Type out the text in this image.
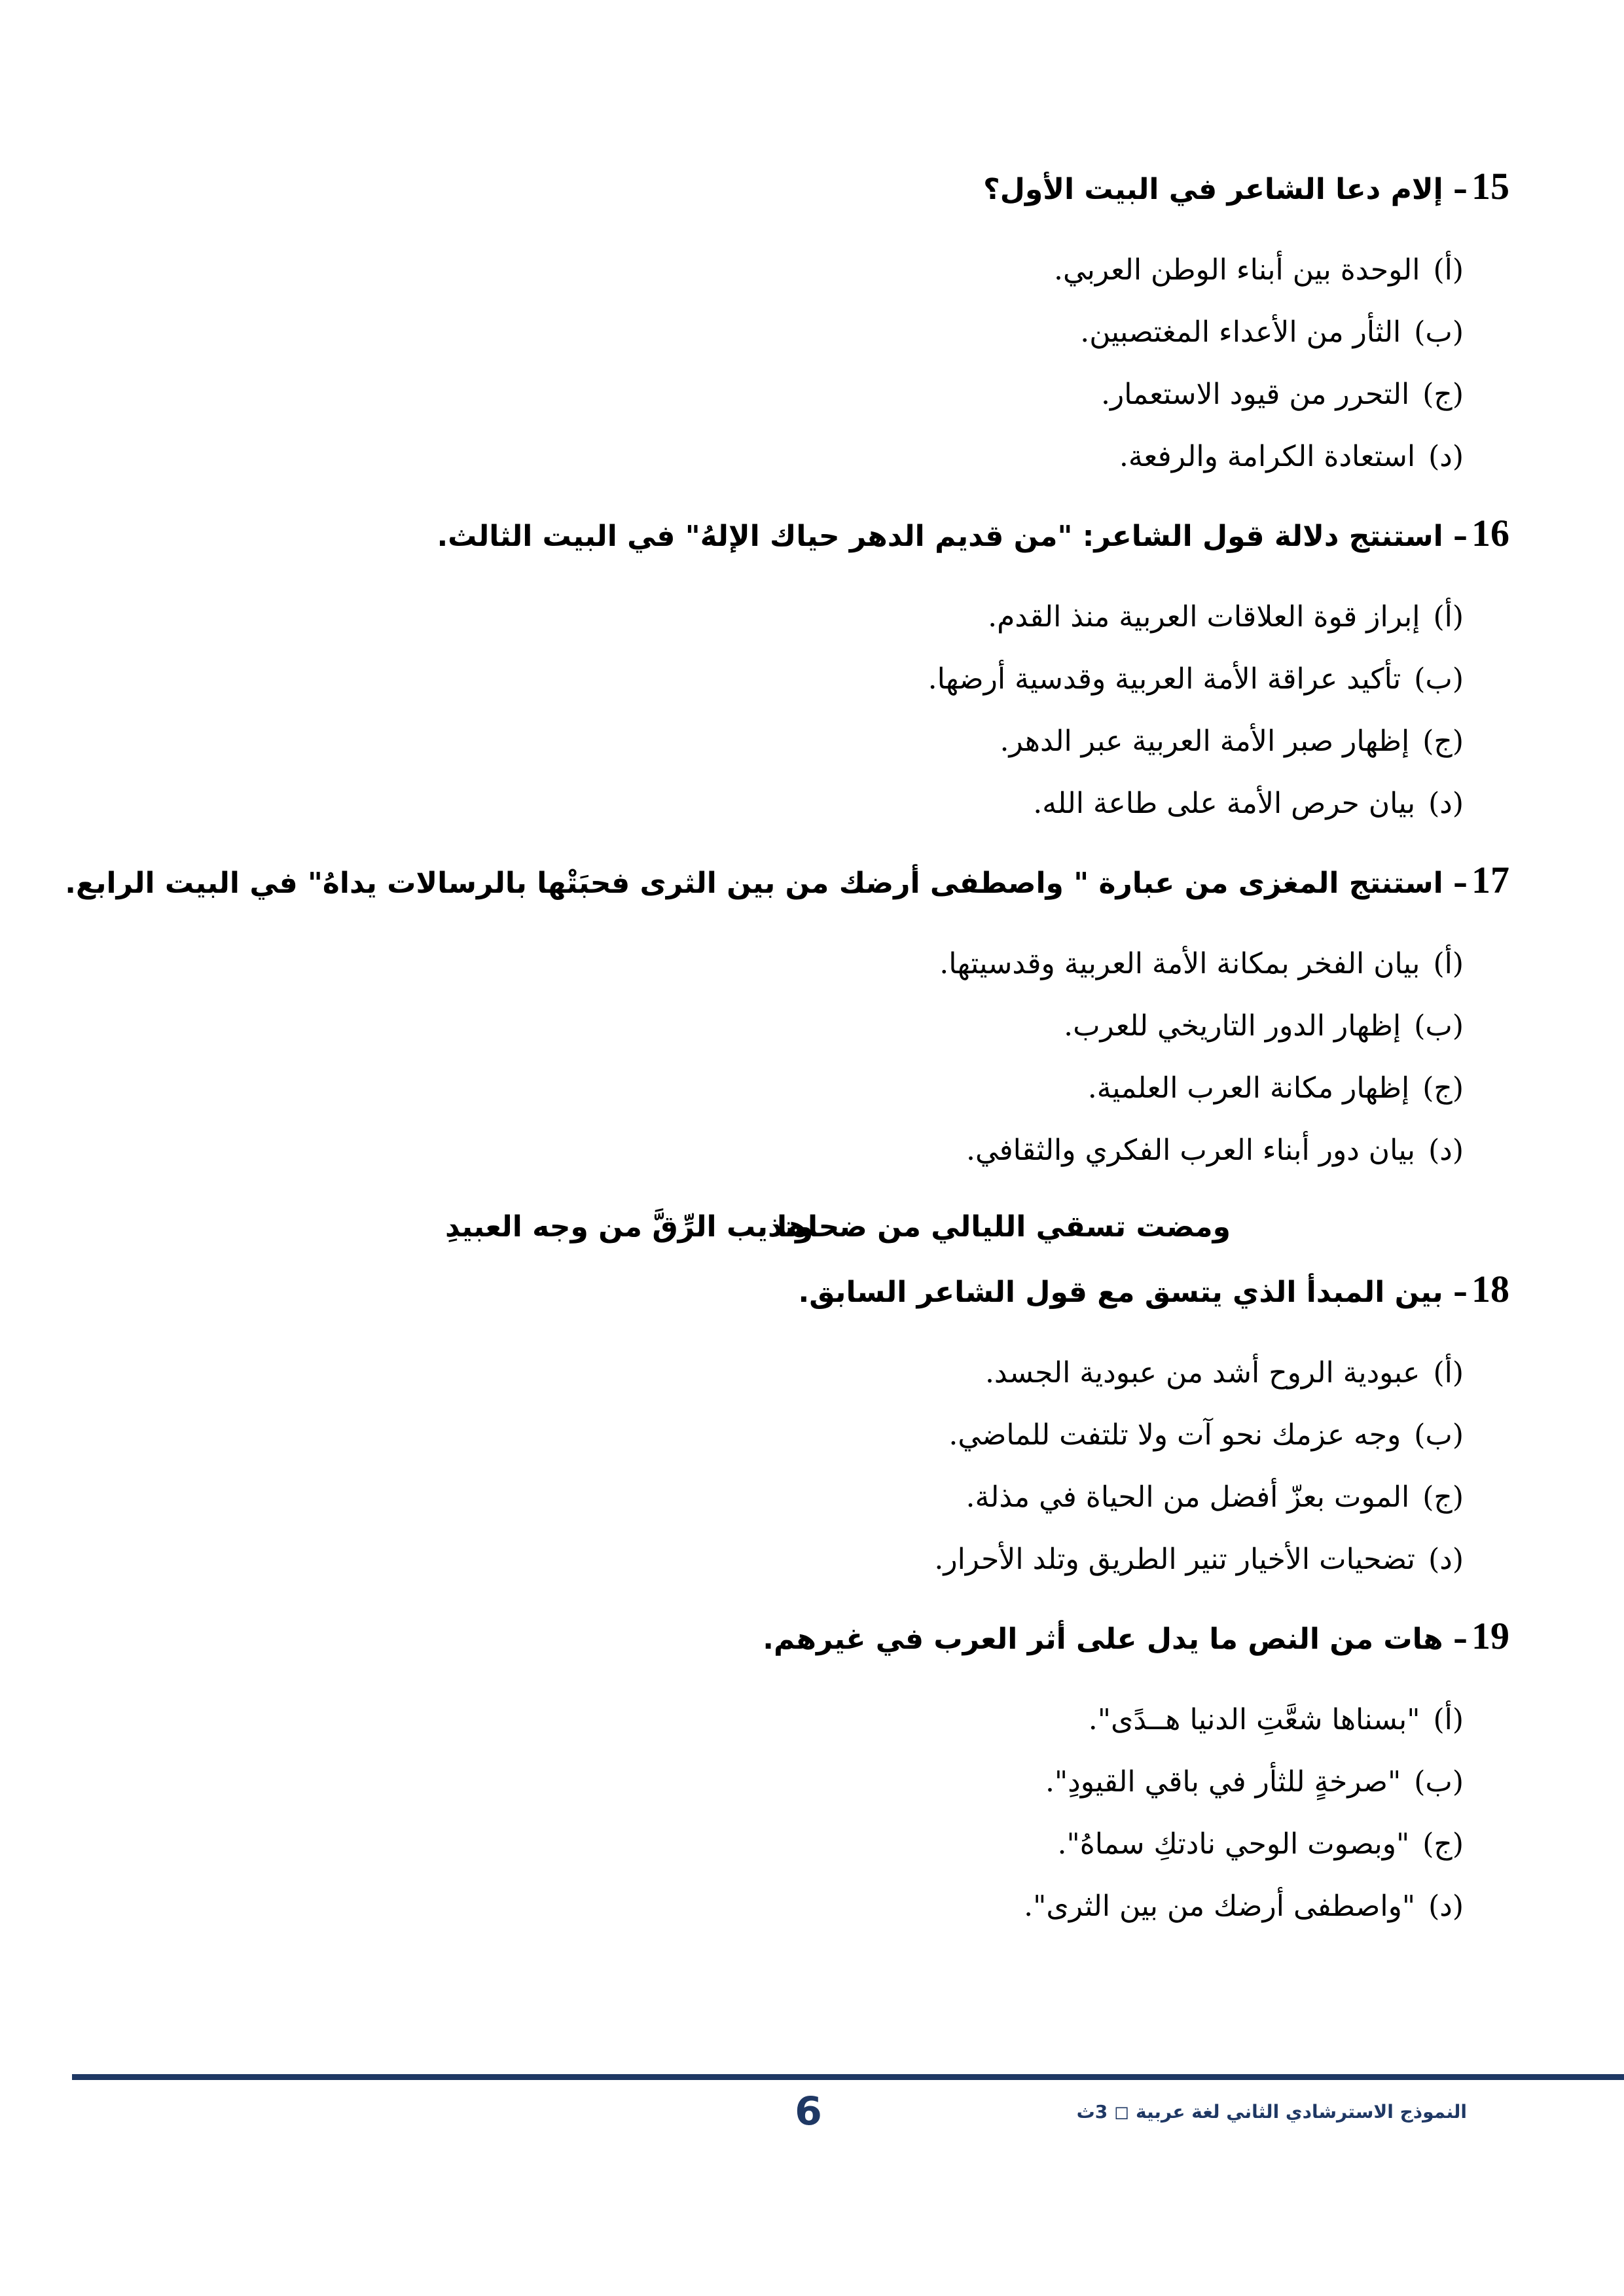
15– إلام دعا الشاعر في البيت الأول؟
(أ) الوحدة بين أبناء الوطن العربي.
(ب) الثأر من الأعداء المغتصبين.
(ج) التحرر من قيود الاستعمار.
(د) استعادة الكرامة والرفعة.
16– استنتج دلالة قول الشاعر: "من قديم الدهر حياك الإلهُ" في البيت الثالث.
(أ) إبراز قوة العلاقات العربية منذ القدم.
(ب) تأكيد عراقة الأمة العربية وقدسية أرضها.
(ج) إظهار صبر الأمة العربية عبر الدهر.
(د) بيان حرص الأمة على طاعة الله.
17– استنتج المغزى من عبارة " واصطفى أرضك من بين الثرى فحبَتْها بالرسالات يداهُ" في البيت الرابع.
(أ) بيان الفخر بمكانة الأمة العربية وقدسيتها.
(ب) إظهار الدور التاريخي للعرب.
(ج) إظهار مكانة العرب العلمية.
(د) بيان دور أبناء العرب الفكري والثقافي.
ومضت تسقي الليالي من ضحاها
وتذيب الرِّقَّ من وجه العبيدِ
18– بين المبدأ الذي يتسق مع قول الشاعر السابق.
(أ) عبودية الروح أشد من عبودية الجسد.
(ب) وجه عزمك نحو آت ولا تلتفت للماضي.
(ج) الموت بعزّ أفضل من الحياة في مذلة.
(د) تضحيات الأخيار تنير الطريق وتلد الأحرار.
19– هات من النص ما يدل على أثر العرب في غيرهم.
(أ) "بسناها شعَّتِ الدنيا هــدًى".
(ب) "صرخةٍ للثأر في باقي القيودِ".
(ج) "وبصوت الوحي نادتكِ سماهُ".
(د) "واصطفى أرضك من بين الثرى".
6	النموذج الاسترشادي الثاني لغة عربية ◻ 3ث
